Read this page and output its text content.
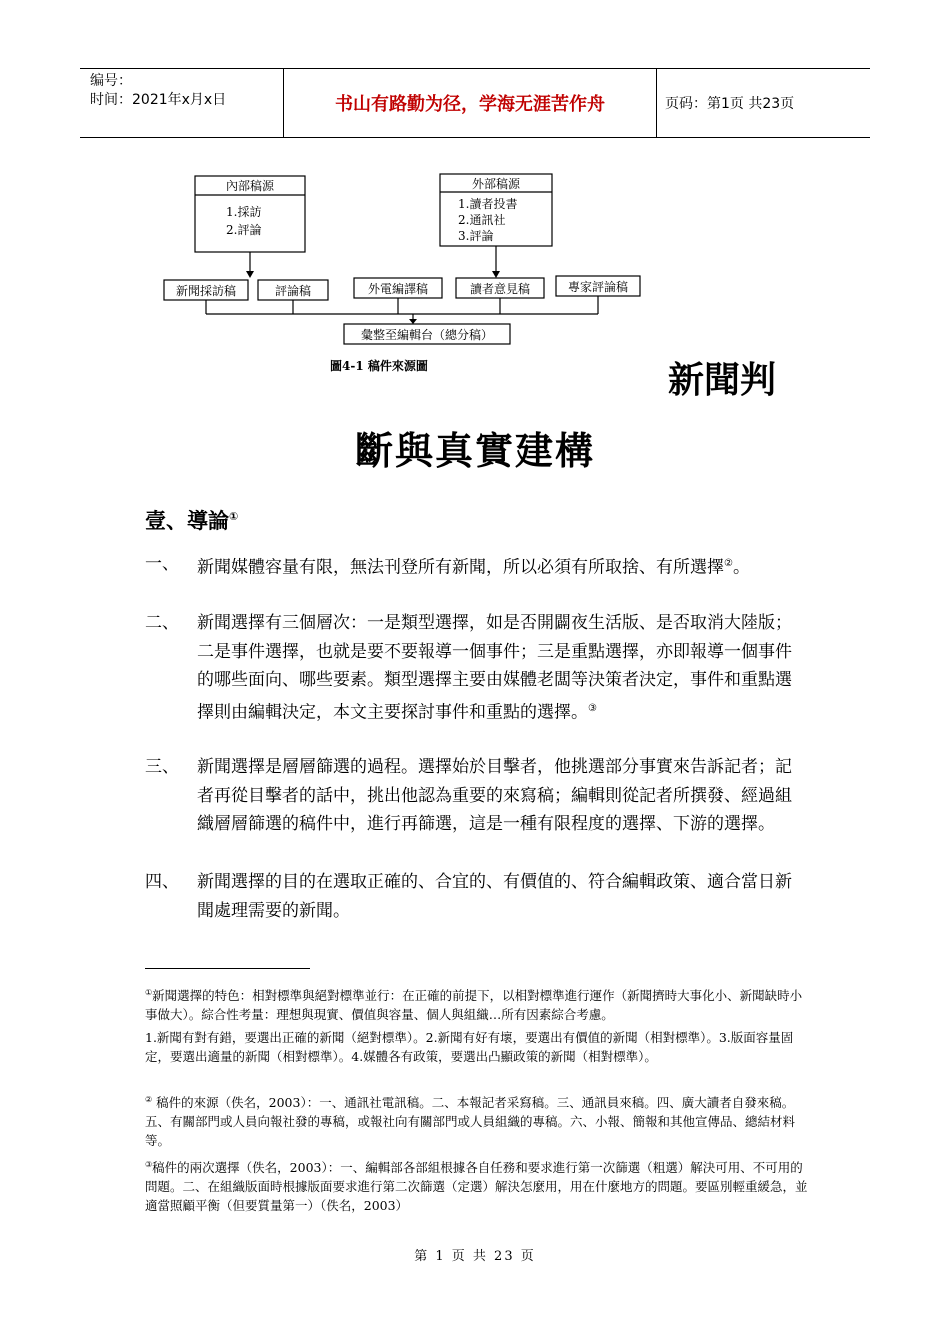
编号：
时间：2021年x月x日	书山有路勤为径，学海无涯苦作舟	页码：第1页 共23页
內部稿源
1.採訪
2.評論
外部稿源
1.讀者投書
2.通訊社
3.評論
新聞採訪稿	評論稿	外電編譯稿	讀者意見稿	專家評論稿
彙整至編輯台（總分稿）
圖4-1 稿件來源圖	新聞判
斷與真實建構
壹、導論①
一、	新聞媒體容量有限，無法刊登所有新聞，所以必須有所取捨、有所選擇②。
二、	新聞選擇有三個層次：一是類型選擇，如是否開闢夜生活版、是否取消大陸版；二是事件選擇，也就是要不要報導一個事件；三是重點選擇，亦即報導一個事件的哪些面向、哪些要素。類型選擇主要由媒體老闆等決策者決定，事件和重點選擇則由編輯決定，本文主要探討事件和重點的選擇。③
三、	新聞選擇是層層篩選的過程。選擇始於目擊者，他挑選部分事實來告訴記者；記者再從目擊者的話中，挑出他認為重要的來寫稿；編輯則從記者所撰發、經過組織層層篩選的稿件中，進行再篩選，這是一種有限程度的選擇、下游的選擇。
四、	新聞選擇的目的在選取正確的、合宜的、有價值的、符合編輯政策、適合當日新聞處理需要的新聞。
①新聞選擇的特色：相對標準與絕對標準並行：在正確的前提下，以相對標準進行運作（新聞擠時大事化小、新聞缺時小事做大）。綜合性考量：理想與現實、價值與容量、個人與組織…所有因素綜合考慮。
1.新聞有對有錯，要選出正確的新聞（絕對標準）。2.新聞有好有壞，要選出有價值的新聞（相對標準）。3.版面容量固定，要選出適量的新聞（相對標準）。4.媒體各有政策，要選出凸顯政策的新聞（相對標準）。
② 稿件的來源（佚名，2003）：一、通訊社電訊稿。二、本報記者采寫稿。三、通訊員來稿。四、廣大讀者自發來稿。五、有關部門或人員向報社發的專稿，或報社向有關部門或人員組織的專稿。六、小報、簡報和其他宣傳品、總結材料等。
③稿件的兩次選擇（佚名，2003）：一、編輯部各部組根據各自任務和要求進行第一次篩選（粗選）解決可用、不可用的問題。二、在組織版面時根據版面要求進行第二次篩選（定選）解決怎麼用，用在什麼地方的問題。要區別輕重緩急，並適當照顧平衡（但要質量第一）（佚名，2003）
第 1 页 共 23 页
